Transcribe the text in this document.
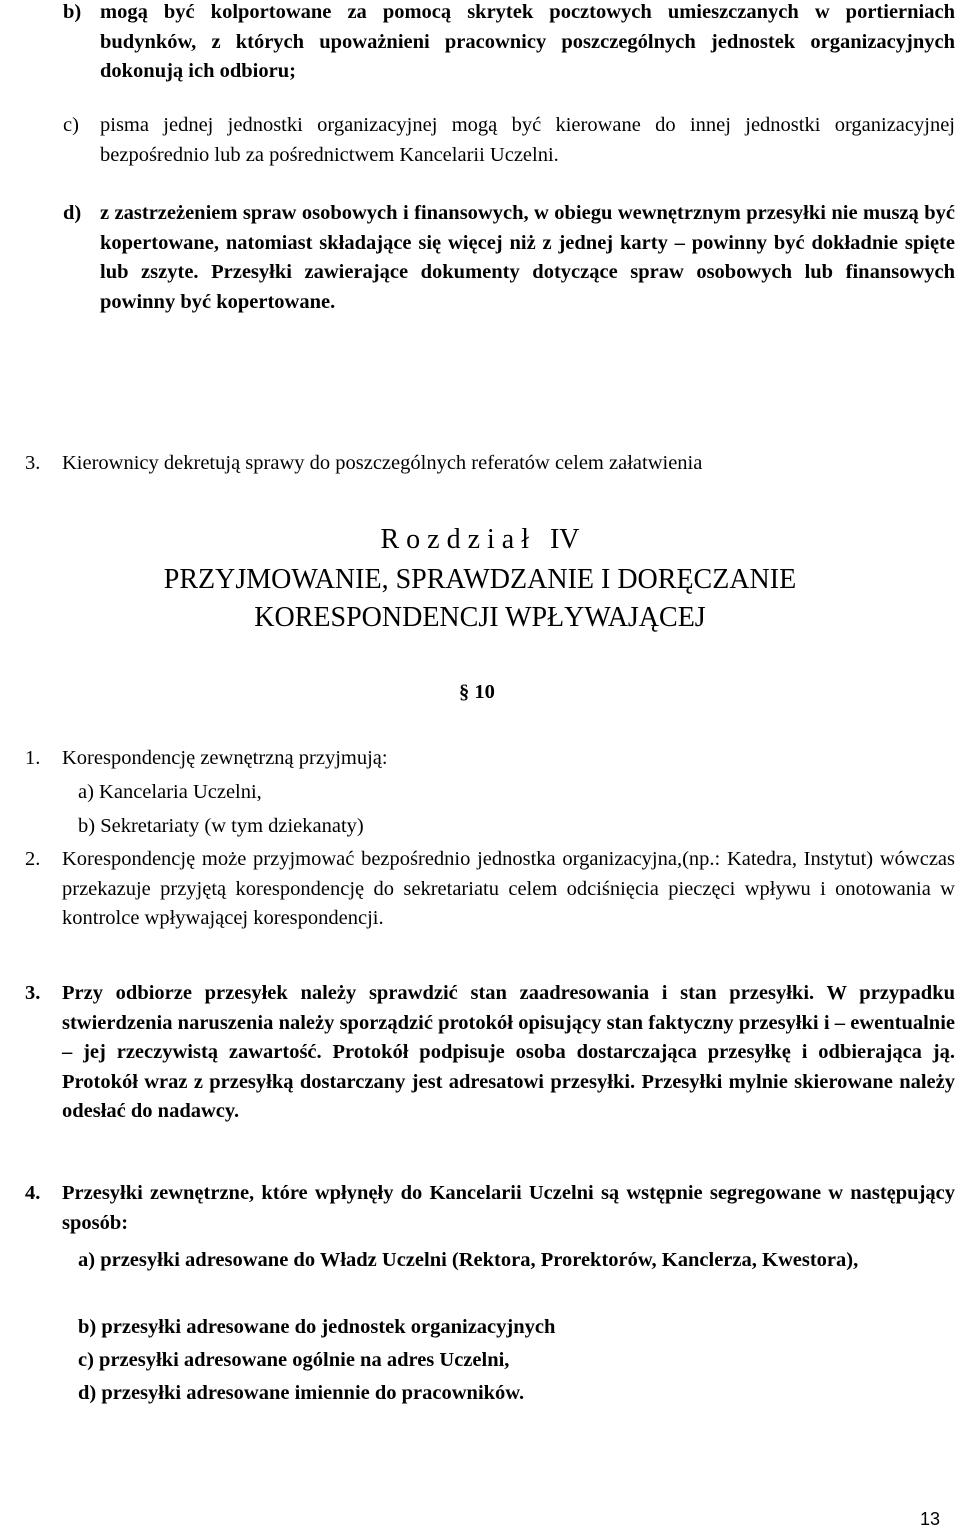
b) mogą być kolportowane za pomocą skrytek pocztowych umieszczanych w portierniach budynków, z których upoważnieni pracownicy poszczególnych jednostek organizacyjnych dokonują ich odbioru;
c) pisma jednej jednostki organizacyjnej mogą być kierowane do innej jednostki organizacyjnej bezpośrednio lub za pośrednictwem Kancelarii Uczelni.
d) z zastrzeżeniem spraw osobowych i finansowych, w obiegu wewnętrznym przesyłki nie muszą być kopertowane, natomiast składające się więcej niż z jednej karty – powinny być dokładnie spięte lub zszyte. Przesyłki zawierające dokumenty dotyczące spraw osobowych lub finansowych powinny być kopertowane.
3. Kierownicy dekretują sprawy do poszczególnych referatów celem załatwienia
R o z d z i a ł   IV
PRZYJMOWANIE, SPRAWDZANIE I DORĘCZANIE
KORESPONDENCJI WPŁYWAJĄCEJ
§ 10
1. Korespondencję zewnętrzną przyjmują:
a) Kancelaria Uczelni,
b) Sekretariaty (w tym dziekanaty)
2. Korespondencję może przyjmować bezpośrednio jednostka organizacyjna,(np.: Katedra, Instytut) wówczas przekazuje przyjętą korespondencję do sekretariatu celem odciśnięcia pieczęci wpływu i onotowania w kontrolce wpływającej korespondencji.
3. Przy odbiorze przesyłek należy sprawdzić stan zaadresowania i stan przesyłki. W przypadku stwierdzenia naruszenia należy sporządzić protokół opisujący stan faktyczny przesyłki i – ewentualnie – jej rzeczywistą zawartość. Protokół podpisuje osoba dostarczająca przesyłkę i odbierająca ją. Protokół wraz z przesyłką dostarczany jest adresatowi przesyłki. Przesyłki mylnie skierowane należy odesłać do nadawcy.
4. Przesyłki zewnętrzne, które wpłynęły do Kancelarii Uczelni są wstępnie segregowane w następujący sposób:
a) przesyłki adresowane do Władz Uczelni (Rektora, Prorektorów, Kanclerza, Kwestora),
b) przesyłki adresowane do jednostek organizacyjnych
c) przesyłki adresowane ogólnie na adres Uczelni,
d) przesyłki adresowane imiennie do pracowników.
13
